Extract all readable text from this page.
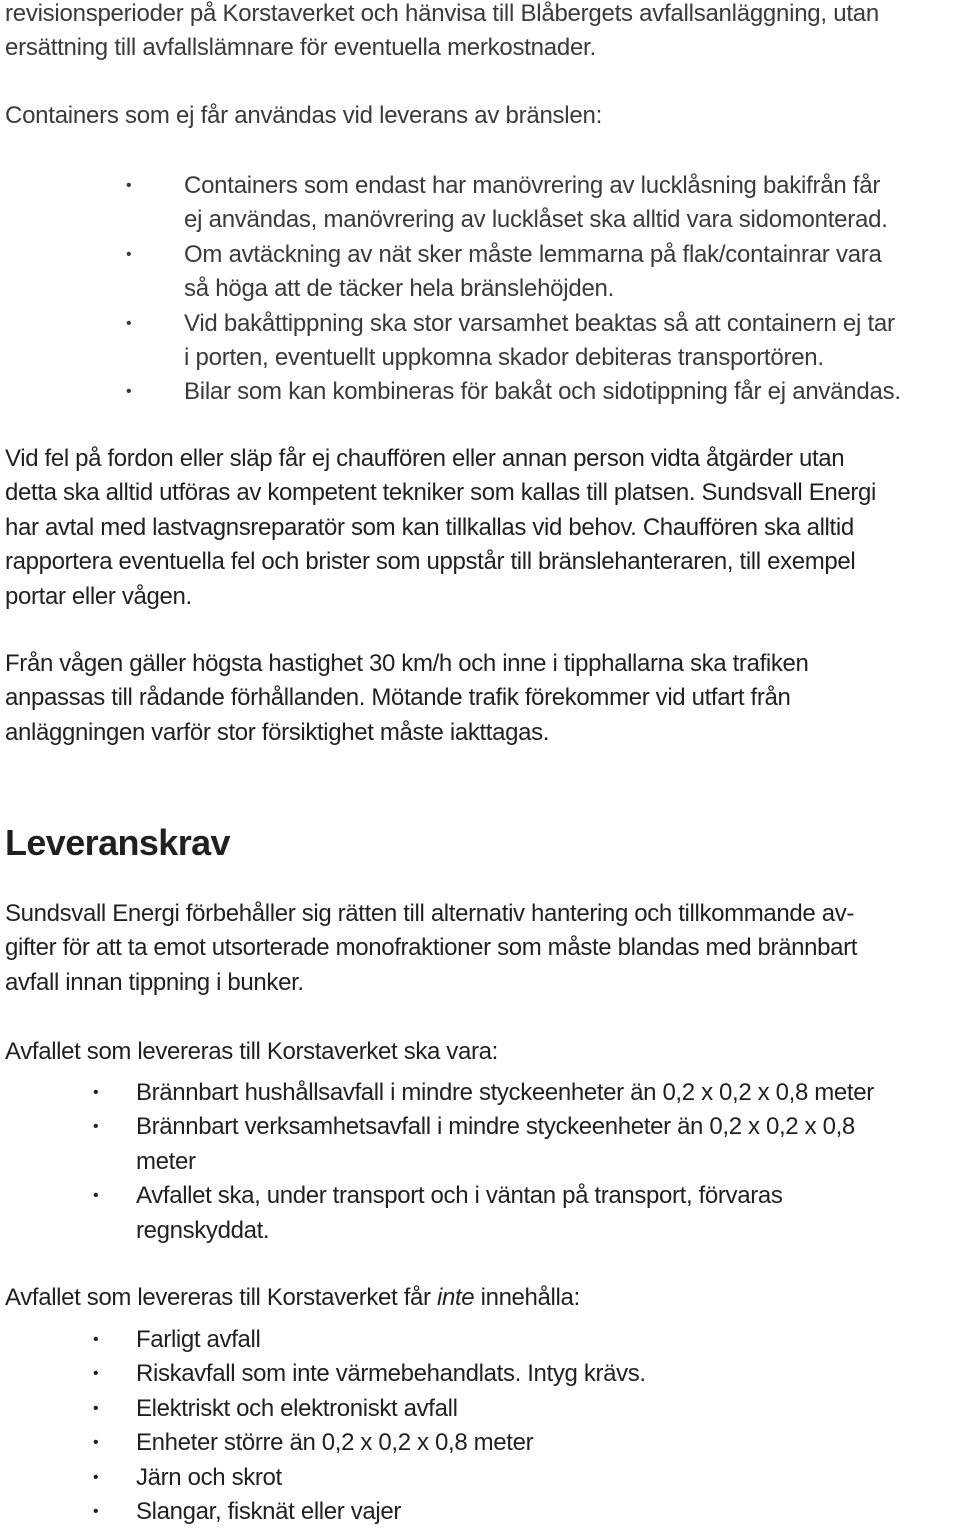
revisionsperioder på Korstaverket och hänvisa till Blåbergets avfallsanläggning, utan

ersättning till avfallslämnare för eventuella merkostnader.

Containers som ej får användas vid leverans av bränslen:

• Containers som endast har manövrering av lucklåsning bakifrån får
ej användas, manövrering av lucklåset ska alltid vara sidomonterad.
• Om avtäckning av nät sker måste lemmarna på flak/containrar vara
så höga att de täcker hela bränslehöjden.
• Vid bakåttippning ska stor varsamhet beaktas så att containern ej tar
i porten, eventuellt uppkomna skador debiteras transportören.
• Bilar som kan kombineras för bakåt och sidotippning får ej användas.

Vid fel på fordon eller släp får ej chauffören eller annan person vidta åtgärder utan

detta ska alltid utföras av kompetent tekniker som kallas till platsen. Sundsvall Energi

har avtal med lastvagnsreparatör som kan tillkallas vid behov. Chauffören ska alltid

rapportera eventuella fel och brister som uppstår till bränslehanteraren, till exempel

portar eller vågen.

Från vågen gäller högsta hastighet 30 km/h och inne i tipphallarna ska trafiken

anpassas till rådande förhållanden. Mötande trafik förekommer vid utfart från

anläggningen varför stor försiktighet måste iakttagas.

Leveranskrav

Sundsvall Energi förbehåller sig rätten till alternativ hantering och tillkommande av-

gifter för att ta emot utsorterade monofraktioner som måste blandas med brännbart

avfall innan tippning i bunker.

Avfallet som levereras till Korstaverket ska vara:

• Brännbart hushållsavfall i mindre styckeenheter än 0,2 x 0,2 x 0,8 meter
• Brännbart verksamhetsavfall i mindre styckeenheter än 0,2 x 0,2 x 0,8
meter
• Avfallet ska, under transport och i väntan på transport, förvaras
regnskyddat.

Avfallet som levereras till Korstaverket får inte innehålla:

• Farligt avfall
• Riskavfall som inte värmebehandlats. Intyg krävs.
• Elektriskt och elektroniskt avfall
• Enheter större än 0,2 x 0,2 x 0,8 meter
• Järn och skrot
• Slangar, fisknät eller vajer
